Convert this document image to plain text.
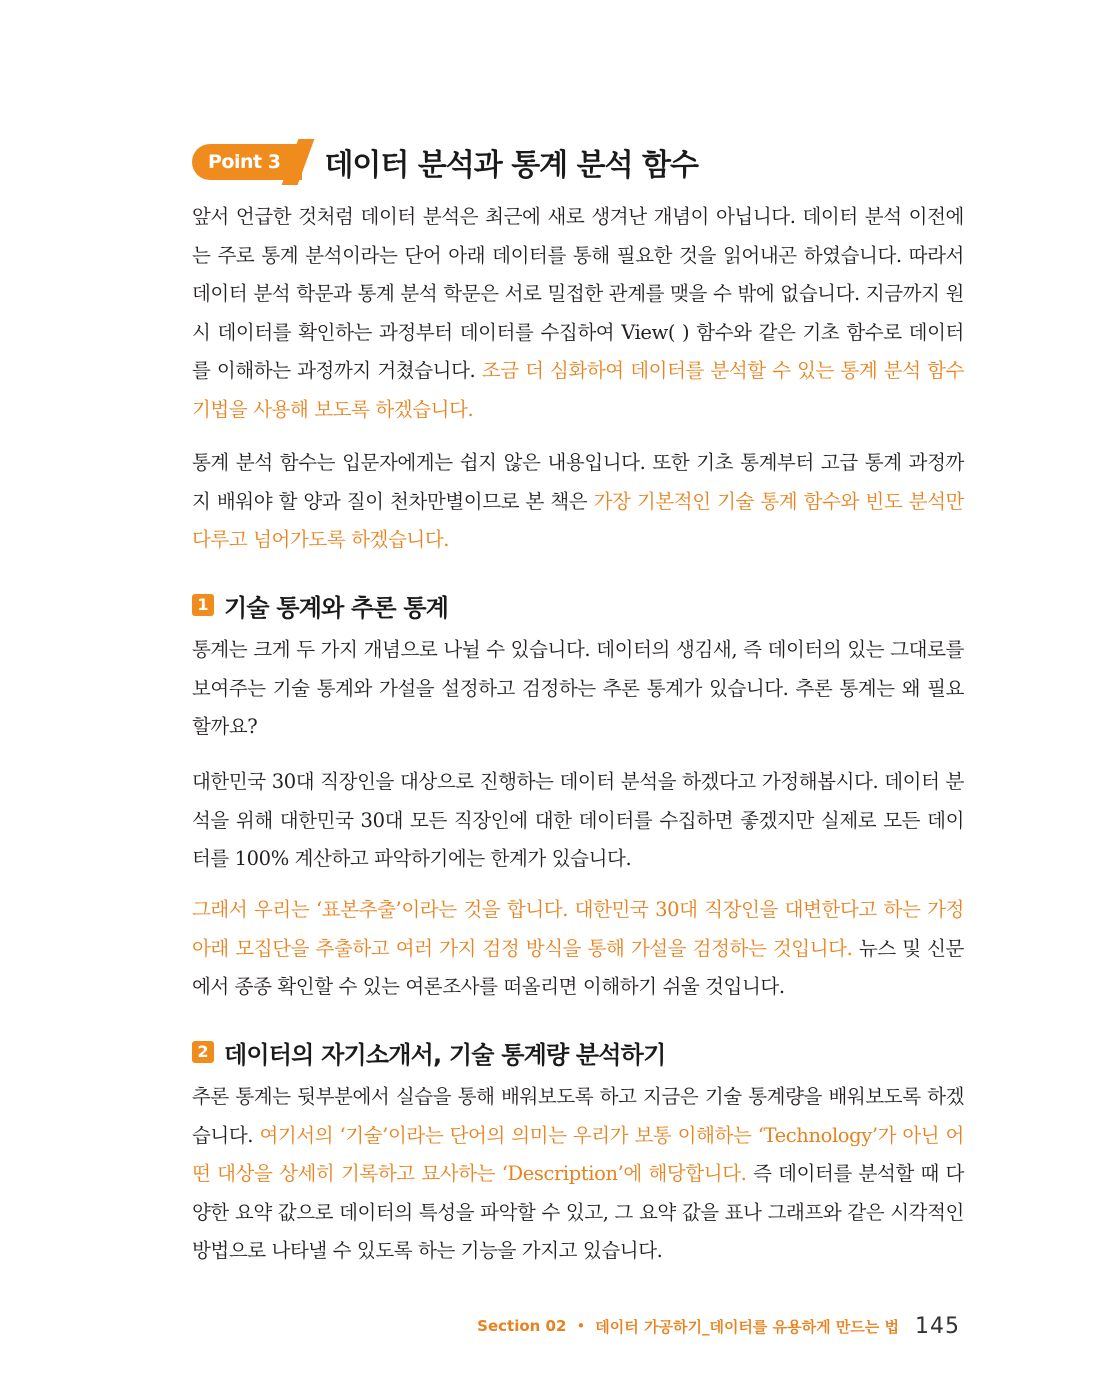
Point 3	데이터 분석과 통계 분석 함수

앞서 언급한 것처럼 데이터 분석은 최근에 새로 생겨난 개념이 아닙니다. 데이터 분석 이전에는 주로 통계 분석이라는 단어 아래 데이터를 통해 필요한 것을 읽어내곤 하였습니다. 따라서 데이터 분석 학문과 통계 분석 학문은 서로 밀접한 관계를 맺을 수 밖에 없습니다. 지금까지 원시 데이터를 확인하는 과정부터 데이터를 수집하여 View( ) 함수와 같은 기초 함수로 데이터를 이해하는 과정까지 거쳤습니다. 조금 더 심화하여 데이터를 분석할 수 있는 통계 분석 함수 기법을 사용해 보도록 하겠습니다.

통계 분석 함수는 입문자에게는 쉽지 않은 내용입니다. 또한 기초 통계부터 고급 통계 과정까지 배워야 할 양과 질이 천차만별이므로 본 책은 가장 기본적인 기술 통계 함수와 빈도 분석만 다루고 넘어가도록 하겠습니다.

1 기술 통계와 추론 통계

통계는 크게 두 가지 개념으로 나뉠 수 있습니다. 데이터의 생김새, 즉 데이터의 있는 그대로를 보여주는 기술 통계와 가설을 설정하고 검정하는 추론 통계가 있습니다. 추론 통계는 왜 필요할까요?

대한민국 30대 직장인을 대상으로 진행하는 데이터 분석을 하겠다고 가정해봅시다. 데이터 분석을 위해 대한민국 30대 모든 직장인에 대한 데이터를 수집하면 좋겠지만 실제로 모든 데이터를 100% 계산하고 파악하기에는 한계가 있습니다.

그래서 우리는 ‘표본추출’이라는 것을 합니다. 대한민국 30대 직장인을 대변한다고 하는 가정 아래 모집단을 추출하고 여러 가지 검정 방식을 통해 가설을 검정하는 것입니다. 뉴스 및 신문에서 종종 확인할 수 있는 여론조사를 떠올리면 이해하기 쉬울 것입니다.

2 데이터의 자기소개서, 기술 통계량 분석하기

추론 통계는 뒷부분에서 실습을 통해 배워보도록 하고 지금은 기술 통계량을 배워보도록 하겠습니다. 여기서의 ‘기술’이라는 단어의 의미는 우리가 보통 이해하는 ‘Technology’가 아닌 어떤 대상을 상세히 기록하고 묘사하는 ‘Description’에 해당합니다. 즉 데이터를 분석할 때 다양한 요약 값으로 데이터의 특성을 파악할 수 있고, 그 요약 값을 표나 그래프와 같은 시각적인 방법으로 나타낼 수 있도록 하는 기능을 가지고 있습니다.

Section 02 • 데이터 가공하기_데이터를 유용하게 만드는 법 145
